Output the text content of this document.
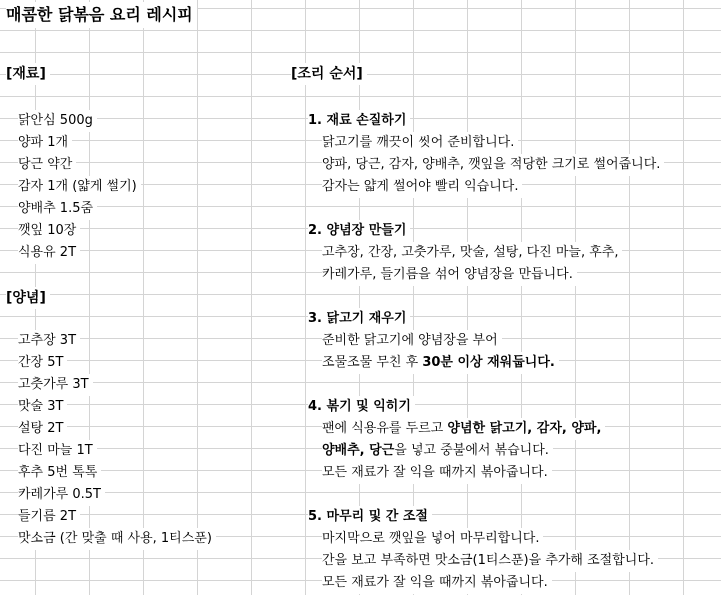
매콤한 닭볶음 요리 레시피
[재료]
닭안심 500g
양파 1개
당근 약간
감자 1개 (얇게 썰기)
양배추 1.5줌
깻잎 10장
식용유 2T
[양념]
고추장 3T
간장 5T
고춧가루 3T
맛술 3T
설탕 2T
다진 마늘 1T
후추 5번 톡톡
카레가루 0.5T
들기름 2T
맛소금 (간 맞출 때 사용, 1티스푼)
[조리 순서]
1. 재료 손질하기
닭고기를 깨끗이 씻어 준비합니다.
양파, 당근, 감자, 양배추, 깻잎을 적당한 크기로 썰어줍니다.
감자는 얇게 썰어야 빨리 익습니다.
2. 양념장 만들기
고추장, 간장, 고춧가루, 맛술, 설탕, 다진 마늘, 후추,
카레가루, 들기름을 섞어 양념장을 만듭니다.
3. 닭고기 재우기
준비한 닭고기에 양념장을 부어
조물조물 무친 후 30분 이상 재워둡니다.
4. 볶기 및 익히기
팬에 식용유를 두르고 양념한 닭고기, 감자, 양파,
양배추, 당근을 넣고 중불에서 볶습니다.
모든 재료가 잘 익을 때까지 볶아줍니다.
5. 마무리 및 간 조절
마지막으로 깻잎을 넣어 마무리합니다.
간을 보고 부족하면 맛소금(1티스푼)을 추가해 조절합니다.
모든 재료가 잘 익을 때까지 볶아줍니다.
